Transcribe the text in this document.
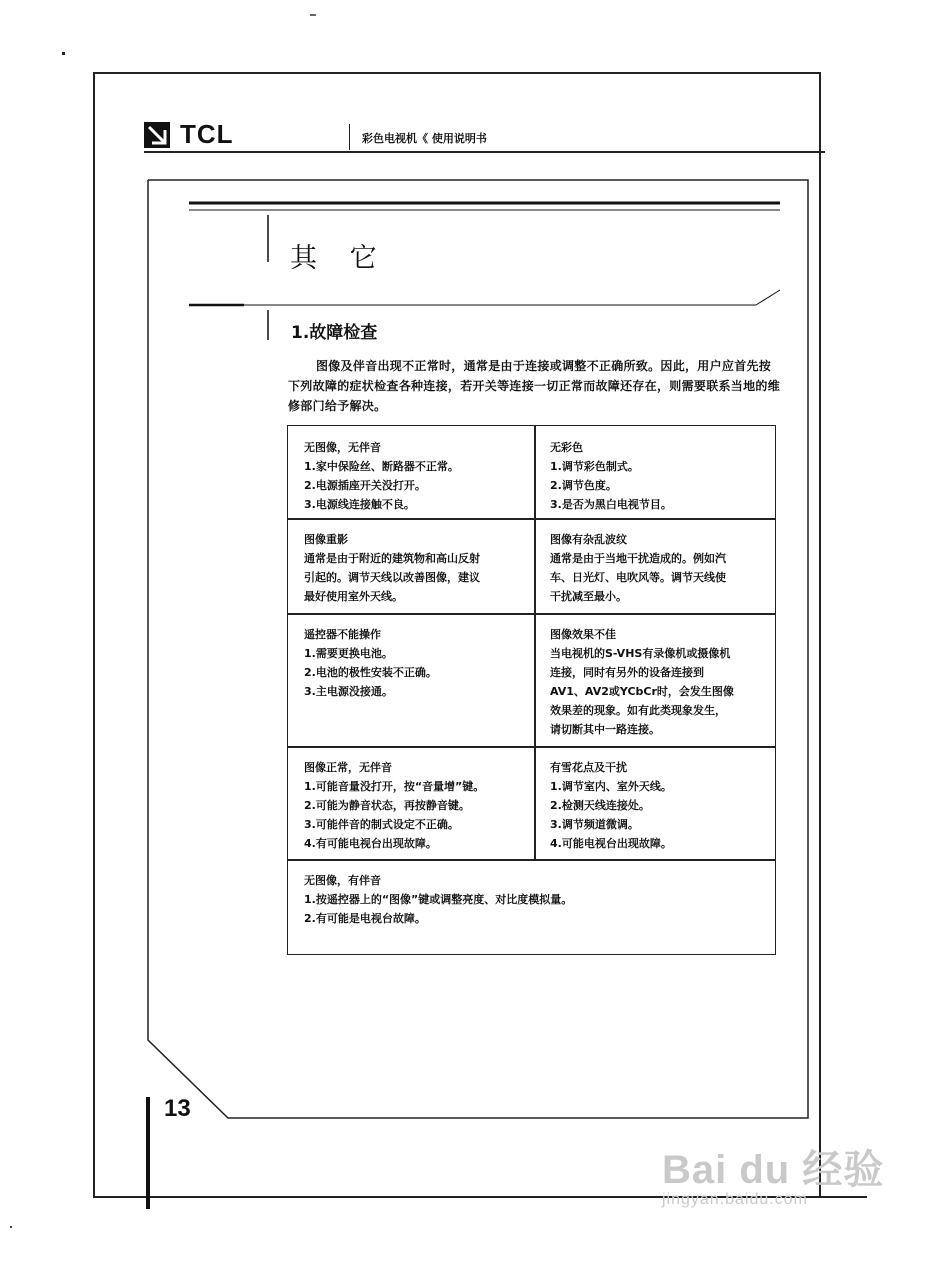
TCL	彩色电视机《 使用说明书
其 它
1.故障检查
图像及伴音出现不正常时，通常是由于连接或调整不正确所致。因此，用户应首先按下列故障的症状检查各种连接，若开关等连接一切正常而故障还存在，则需要联系当地的维修部门给予解决。
无图像，无伴音
1.家中保险丝、断路器不正常。
2.电源插座开关没打开。
3.电源线连接触不良。
无彩色
1.调节彩色制式。
2.调节色度。
3.是否为黑白电视节目。
图像重影
通常是由于附近的建筑物和高山反射
引起的。调节天线以改善图像，建议
最好使用室外天线。
图像有杂乱波纹
通常是由于当地干扰造成的。例如汽
车、日光灯、电吹风等。调节天线使
干扰减至最小。
遥控器不能操作
1.需要更换电池。
2.电池的极性安装不正确。
3.主电源没接通。
图像效果不佳
当电视机的S-VHS有录像机或摄像机
连接，同时有另外的设备连接到
AV1、AV2或YCbCr时，会发生图像
效果差的现象。如有此类现象发生，
请切断其中一路连接。
图像正常，无伴音
1.可能音量没打开，按“音量增”键。
2.可能为静音状态，再按静音键。
3.可能伴音的制式设定不正确。
4.有可能电视台出现故障。
有雪花点及干扰
1.调节室内、室外天线。
2.检测天线连接处。
3.调节频道微调。
4.可能电视台出现故障。
无图像，有伴音
1.按遥控器上的“图像”键或调整亮度、对比度模拟量。
2.有可能是电视台故障。
13
Bai du 经验
jingyan.baidu.com
